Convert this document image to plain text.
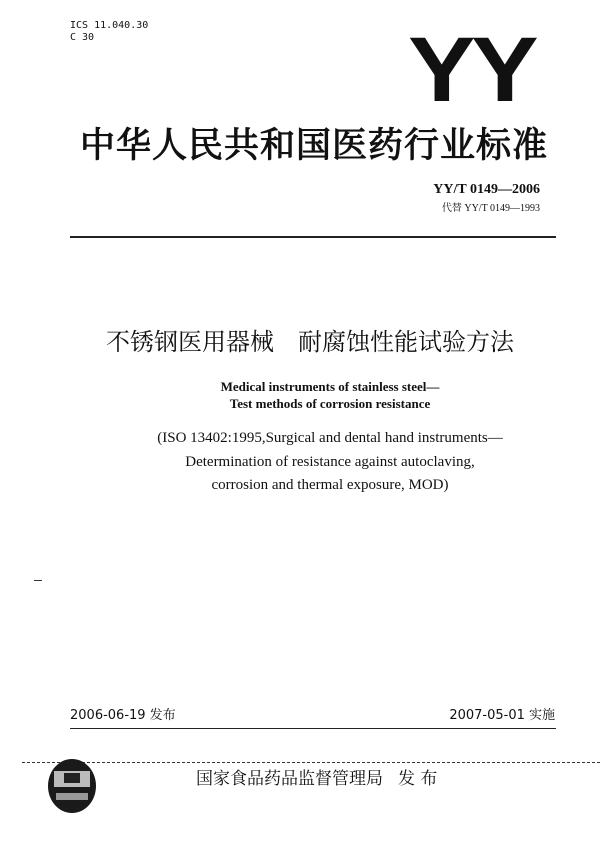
ICS 11.040.30
C 30	YY
中华人民共和国医药行业标准
YY/T 0149—2006
代替 YY/T 0149—1993
不锈钢医用器械　耐腐蚀性能试验方法
Medical instruments of stainless steel—
Test methods of corrosion resistance
(ISO 13402:1995,Surgical and dental hand instruments—
Determination of resistance against autoclaving,
corrosion and thermal exposure, MOD)
2006-06-19 发布	2007-05-01 实施
国家食品药品监督管理局 发 布
